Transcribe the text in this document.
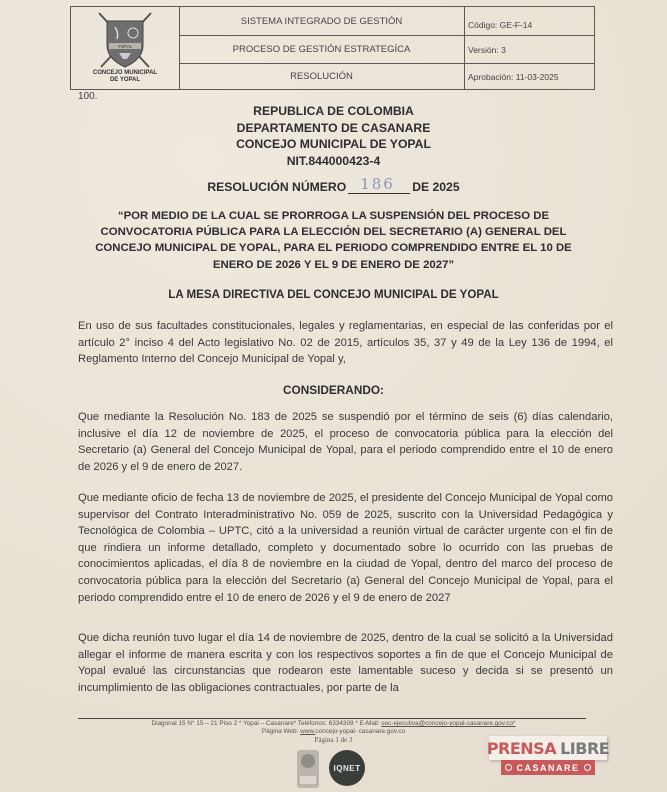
YOPAL
CONCEJO MUNICIPAL
DE YOPAL
SISTEMA INTEGRADO DE GESTIÓN
PROCESO DE GESTIÓN ESTRATEGÍCA
RESOLUCIÓN
Código: GE-F-14
Versión: 3
Aprobación: 11-03-2025
100.
REPUBLICA DE COLOMBIA
DEPARTAMENTO DE CASANARE
CONCEJO MUNICIPAL DE YOPAL
NIT.844000423-4
RESOLUCIÓN NÚMERO 186 DE 2025
“POR MEDIO DE LA CUAL SE PRORROGA LA SUSPENSIÓN DEL PROCESO DE
CONVOCATORIA PÚBLICA PARA LA ELECCIÓN DEL SECRETARIO (A) GENERAL DEL
CONCEJO MUNICIPAL DE YOPAL, PARA EL PERIODO COMPRENDIDO ENTRE EL 10 DE
ENERO DE 2026 Y EL 9 DE ENERO DE 2027”
LA MESA DIRECTIVA DEL CONCEJO MUNICIPAL DE YOPAL
En uso de sus facultades constitucionales, legales y reglamentarias, en especial de las conferidas por el artículo 2° inciso 4 del Acto legislativo No. 02 de 2015, artículos 35, 37 y 49 de la Ley 136 de 1994, el Reglamento Interno del Concejo Municipal de Yopal y,
CONSIDERANDO:
Que mediante la Resolución No. 183 de 2025 se suspendió por el término de seis (6) días calendario, inclusive el día 12 de noviembre de 2025, el proceso de convocatoria pública para la elección del Secretario (a) General del Concejo Municipal de Yopal, para el periodo comprendido entre el 10 de enero de 2026 y el 9 de enero de 2027.
Que mediante oficio de fecha 13 de noviembre de 2025, el presidente del Concejo Municipal de Yopal como supervisor del Contrato Interadministrativo No. 059 de 2025, suscrito con la Universidad Pedagógica y Tecnológica de Colombia – UPTC, citó a la universidad a reunión virtual de carácter urgente con el fin de que rindiera un informe detallado, completo y documentado sobre lo ocurrido con las pruebas de conocimientos aplicadas, el día 8 de noviembre en la ciudad de Yopal, dentro del marco del proceso de convocatoria pública para la elección del Secretario (a) General del Concejo Municipal de Yopal, para el periodo comprendido entre el 10 de enero de 2026 y el 9 de enero de 2027
Que dicha reunión tuvo lugar el día 14 de noviembre de 2025, dentro de la cual se solicitó a la Universidad allegar el informe de manera escrita y con los respectivos soportes a fin de que el Concejo Municipal de Yopal evalué las circunstancias que rodearon este lamentable suceso y decida si se presentó un incumplimiento de las obligaciones contractuales, por parte de la
Diagonal 15 N° 15 – 21 Piso 2 * Yopal – Casanare* Teléfonos: 6334309 * E-Mail: sec-ejecutiva@concejo-yopal-casanare.gov.co*
Página Web: www.concejo-yopal- casanare.gov.co
Página 1 de 3
IQNET
PRENSA LIBRE
CASANARE
